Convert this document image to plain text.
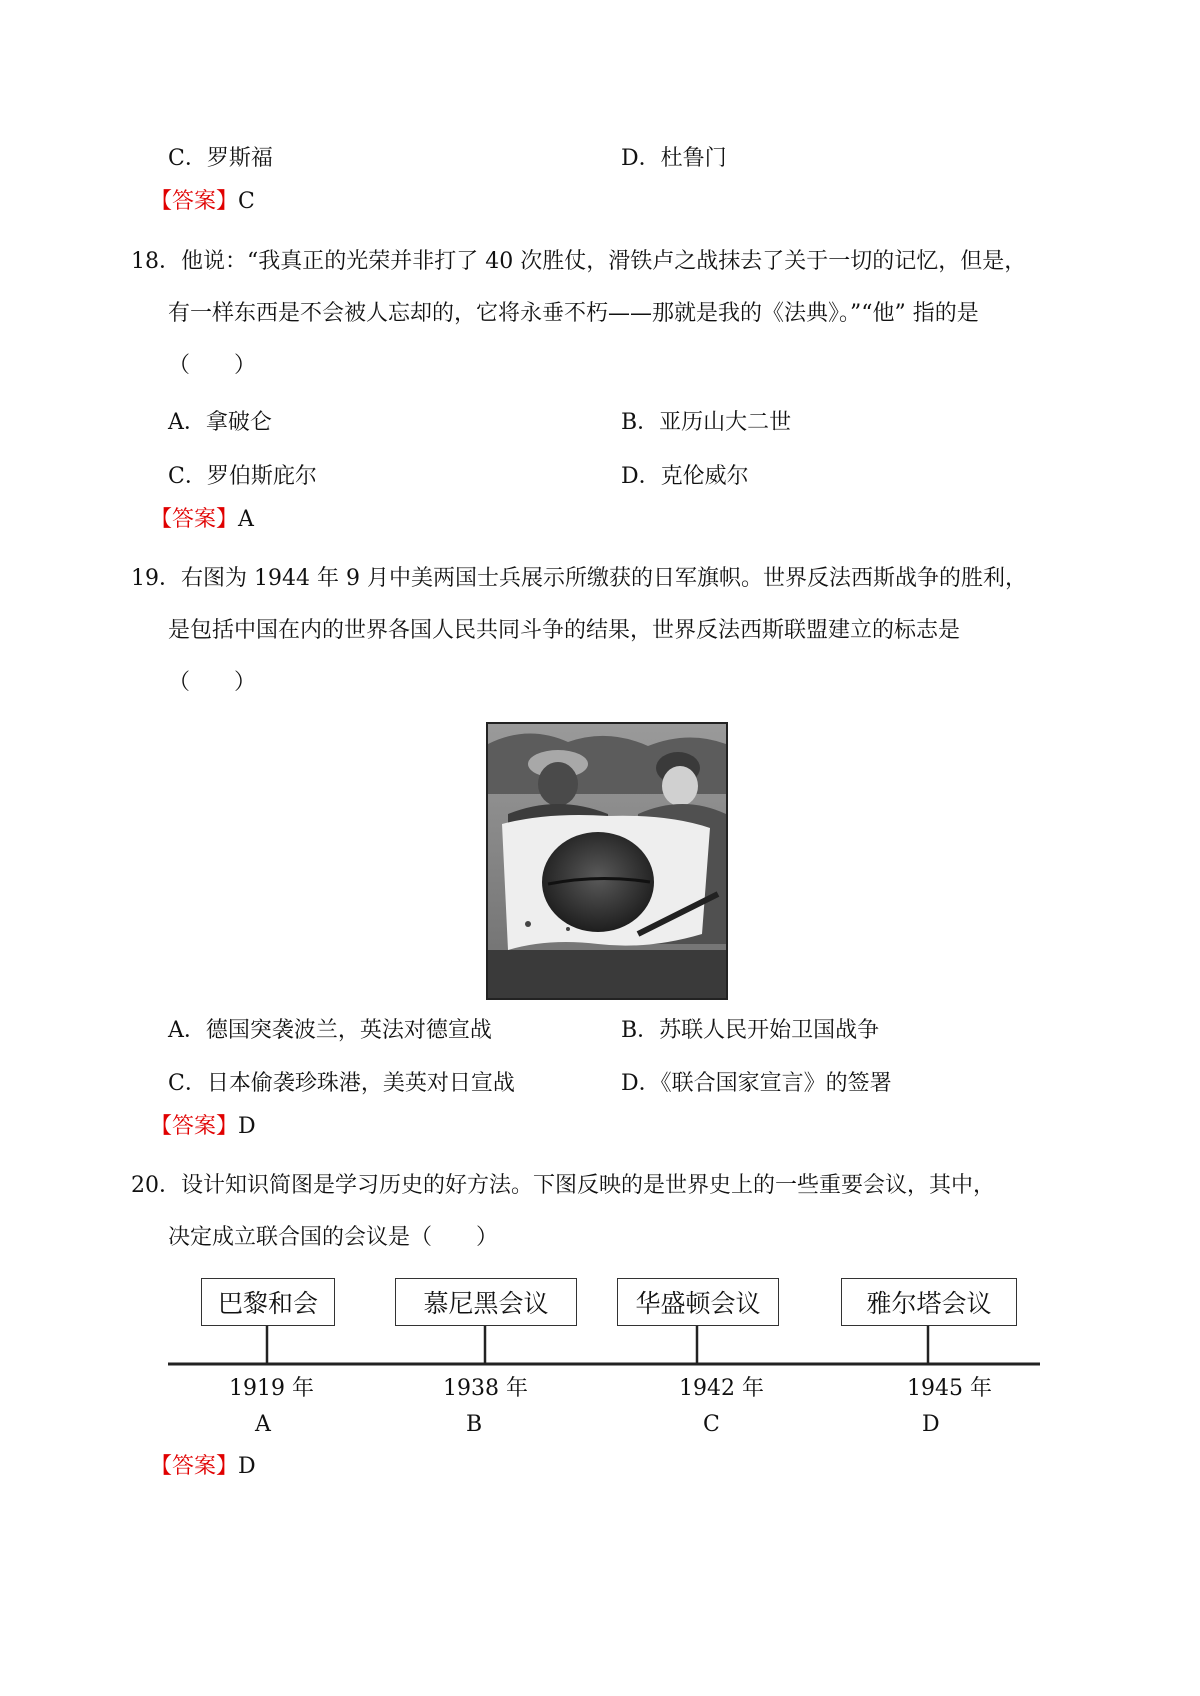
C．罗斯福	D．杜鲁门
【答案】C
18．他说：“我真正的光荣并非打了 40 次胜仗，滑铁卢之战抹去了关于一切的记忆，但是，
有一样东西是不会被人忘却的，它将永垂不朽——那就是我的《法典》。”“他” 指的是
（　　）
A．拿破仑	B．亚历山大二世
C．罗伯斯庇尔	D．克伦威尔
【答案】A
19．右图为 1944 年 9 月中美两国士兵展示所缴获的日军旗帜。世界反法西斯战争的胜利，
是包括中国在内的世界各国人民共同斗争的结果，世界反法西斯联盟建立的标志是
（　　）
A．德国突袭波兰，英法对德宣战	B．苏联人民开始卫国战争
C．日本偷袭珍珠港，美英对日宣战	D．《联合国家宣言》的签署
【答案】D
20．设计知识简图是学习历史的好方法。下图反映的是世界史上的一些重要会议，其中，
决定成立联合国的会议是（　　）
巴黎和会	慕尼黑会议	华盛顿会议	雅尔塔会议
1919 年	1938 年	1942 年	1945 年
A	B	C	D
【答案】D
